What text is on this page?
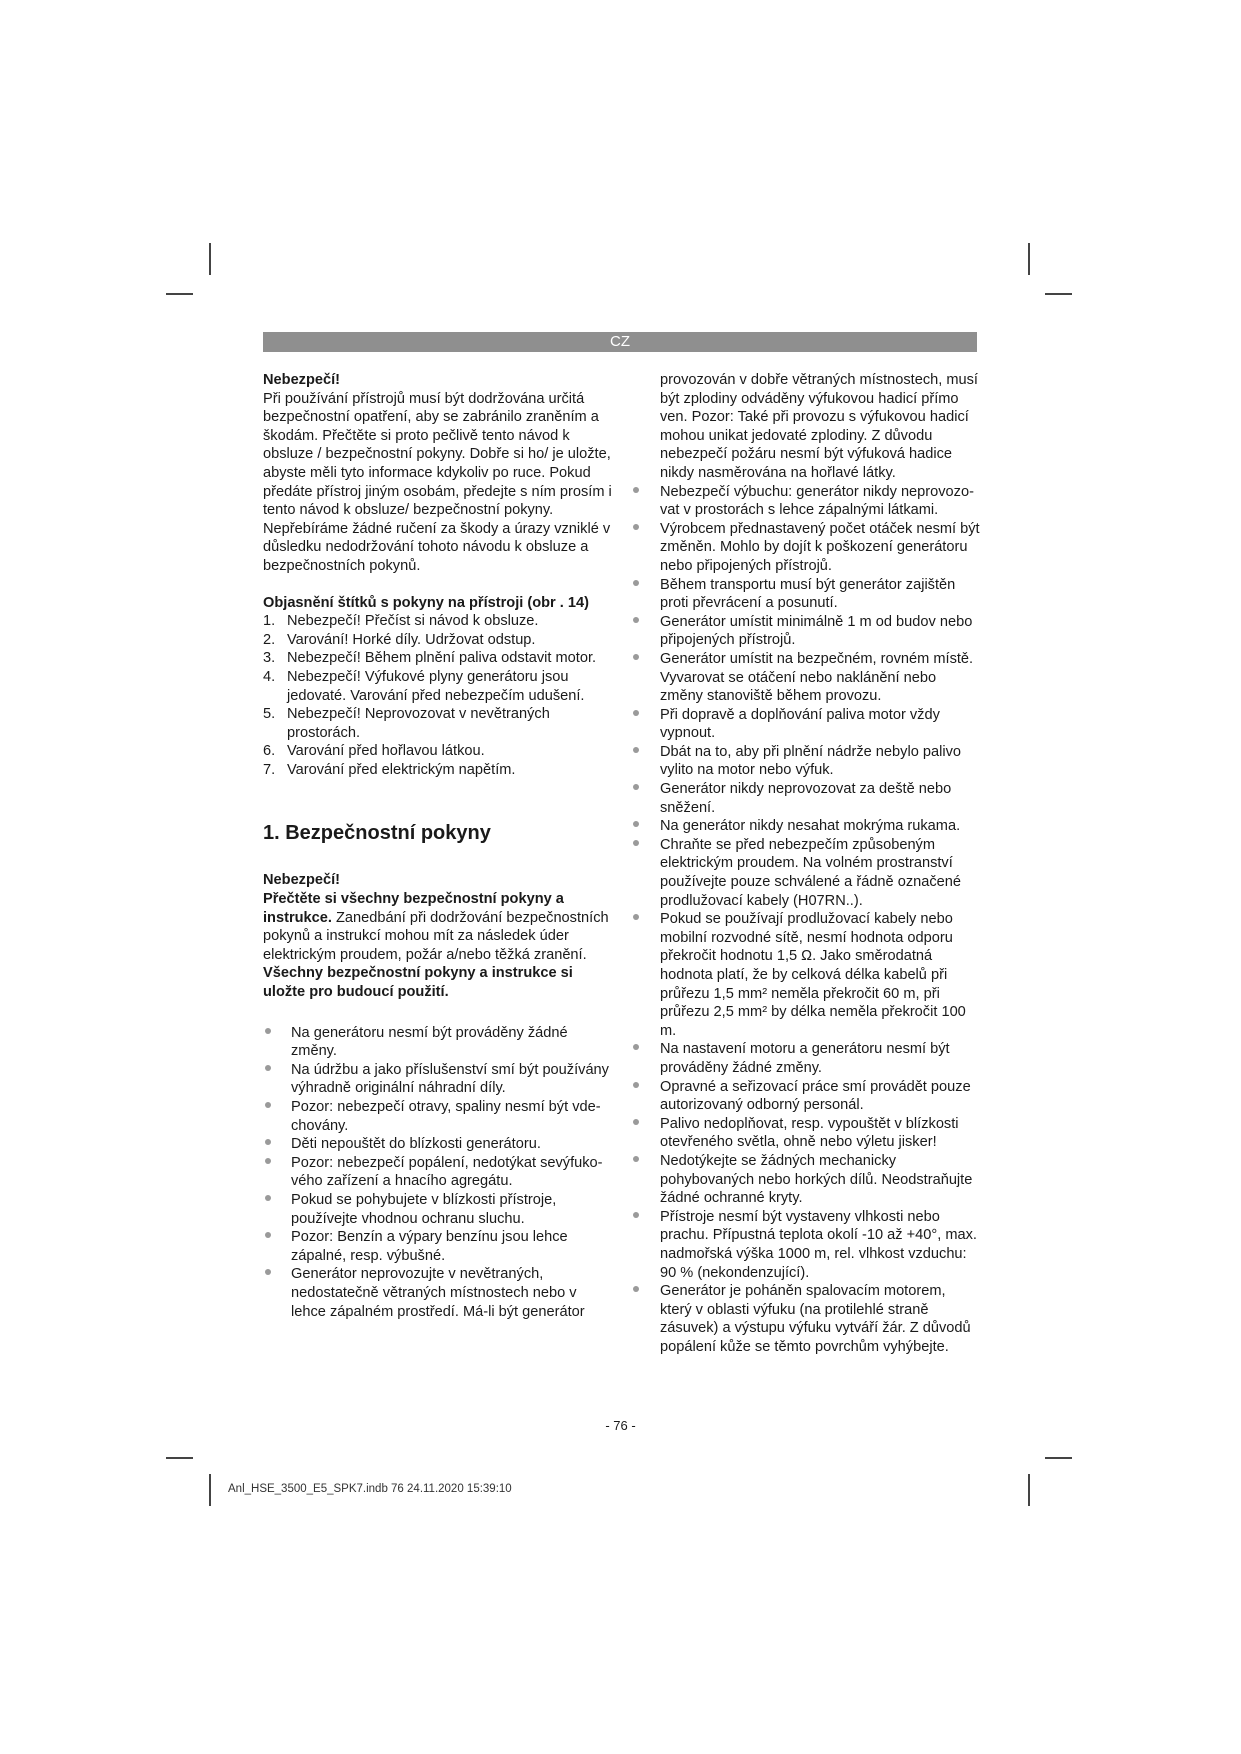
CZ

Nebezpečí!

Při používání přístrojů musí být dodržována určitá bezpečnostní opatření, aby se zabránilo zraněním a škodám. Přečtěte si proto pečlivě tento návod k obsluze / bezpečnostní pokyny. Dobře si ho/ je uložte, abyste měli tyto informace kdykoliv po ruce. Pokud předáte přístroj jiným osobám, předejte s ním prosím i tento návod k obsluze/ bezpečnostní pokyny. Nepřebíráme žádné ručení za škody a úrazy vzniklé v důsledku nedodržování tohoto návodu k obsluze a bezpečnostních pokynů.

Objasnění štítků s pokyny na přístroji (obr . 14)

1. Nebezpečí! Přečíst si návod k obsluze.
2. Varování! Horké díly. Udržovat odstup.
3. Nebezpečí! Během plnění paliva odstavit motor.
4. Nebezpečí! Výfukové plyny generátoru jsou jedovaté. Varování před nebezpečím udušení.
5. Nebezpečí! Neprovozovat v nevětraných prostorách.
6. Varování před hořlavou látkou.
7. Varování před elektrickým napětím.

1. Bezpečnostní pokyny

Nebezpečí!

Přečtěte si všechny bezpečnostní pokyny a instrukce. Zanedbání při dodržování bezpečnostních pokynů a instrukcí mohou mít za následek úder elektrickým proudem, požár a/nebo těžká zranění. Všechny bezpečnostní pokyny a instrukce si uložte pro budoucí použití.

Na generátoru nesmí být prováděny žádné změny.
Na údržbu a jako příslušenství smí být používány výhradně originální náhradní díly.
Pozor: nebezpečí otravy, spaliny nesmí být vde-chovány.
Děti nepouštět do blízkosti generátoru.
Pozor: nebezpečí popálení, nedotýkat sevýfuko-vého zařízení a hnacího agregátu.
Pokud se pohybujete v blízkosti přístroje, používejte vhodnou ochranu sluchu.
Pozor: Benzín a výpary benzínu jsou lehce zápalné, resp. výbušné.
Generátor neprovozujte v nevětraných, nedostatečně větraných místnostech nebo v lehce zápalném prostředí. Má-li být generátor

provozován v dobře větraných místnostech, musí být zplodiny odváděny výfukovou hadicí přímo ven. Pozor: Také při provozu s výfukovou hadicí mohou unikat jedovaté zplodiny. Z důvodu nebezpečí požáru nesmí být výfuková hadice nikdy nasměrována na hořlavé látky.

Nebezpečí výbuchu: generátor nikdy neprovozo-vat v prostorách s lehce zápalnými látkami.
Výrobcem přednastavený počet otáček nesmí být změněn. Mohlo by dojít k poškození generátoru nebo připojených přístrojů.
Během transportu musí být generátor zajištěn proti převrácení a posunutí.
Generátor umístit minimálně 1 m od budov nebo připojených přístrojů.
Generátor umístit na bezpečném, rovném místě. Vyvarovat se otáčení nebo naklánění nebo změny stanoviště během provozu.
Při dopravě a doplňování paliva motor vždy vypnout.
Dbát na to, aby při plnění nádrže nebylo palivo vylito na motor nebo výfuk.
Generátor nikdy neprovozovat za deště nebo sněžení.
Na generátor nikdy nesahat mokrýma rukama.
Chraňte se před nebezpečím způsobeným elektrickým proudem. Na volném prostranství používejte pouze schválené a řádně označené prodlužovací kabely (H07RN..).
Pokud se používají prodlužovací kabely nebo mobilní rozvodné sítě, nesmí hodnota odporu překročit hodnotu 1,5 Ω. Jako směrodatná hodnota platí, že by celková délka kabelů při průřezu 1,5 mm² neměla překročit 60 m, při průřezu 2,5 mm² by délka neměla překročit 100 m.
Na nastavení motoru a generátoru nesmí být prováděny žádné změny.
Opravné a seřizovací práce smí provádět pouze autorizovaný odborný personál.
Palivo nedoplňovat, resp. vypouštět v blízkosti otevřeného světla, ohně nebo výletu jisker!
Nedotýkejte se žádných mechanicky pohybovaných nebo horkých dílů. Neodstraňujte žádné ochranné kryty.
Přístroje nesmí být vystaveny vlhkosti nebo prachu. Přípustná teplota okolí -10 až +40°, max. nadmořská výška 1000 m, rel. vlhkost vzduchu: 90 % (nekondenzující).
Generátor je poháněn spalovacím motorem, který v oblasti výfuku (na protilehlé straně zásuvek) a výstupu výfuku vytváří žár. Z důvodů popálení kůže se těmto povrchům vyhýbejte.
- 76 -
Anl_HSE_3500_E5_SPK7.indb 76 24.11.2020 15:39:10
